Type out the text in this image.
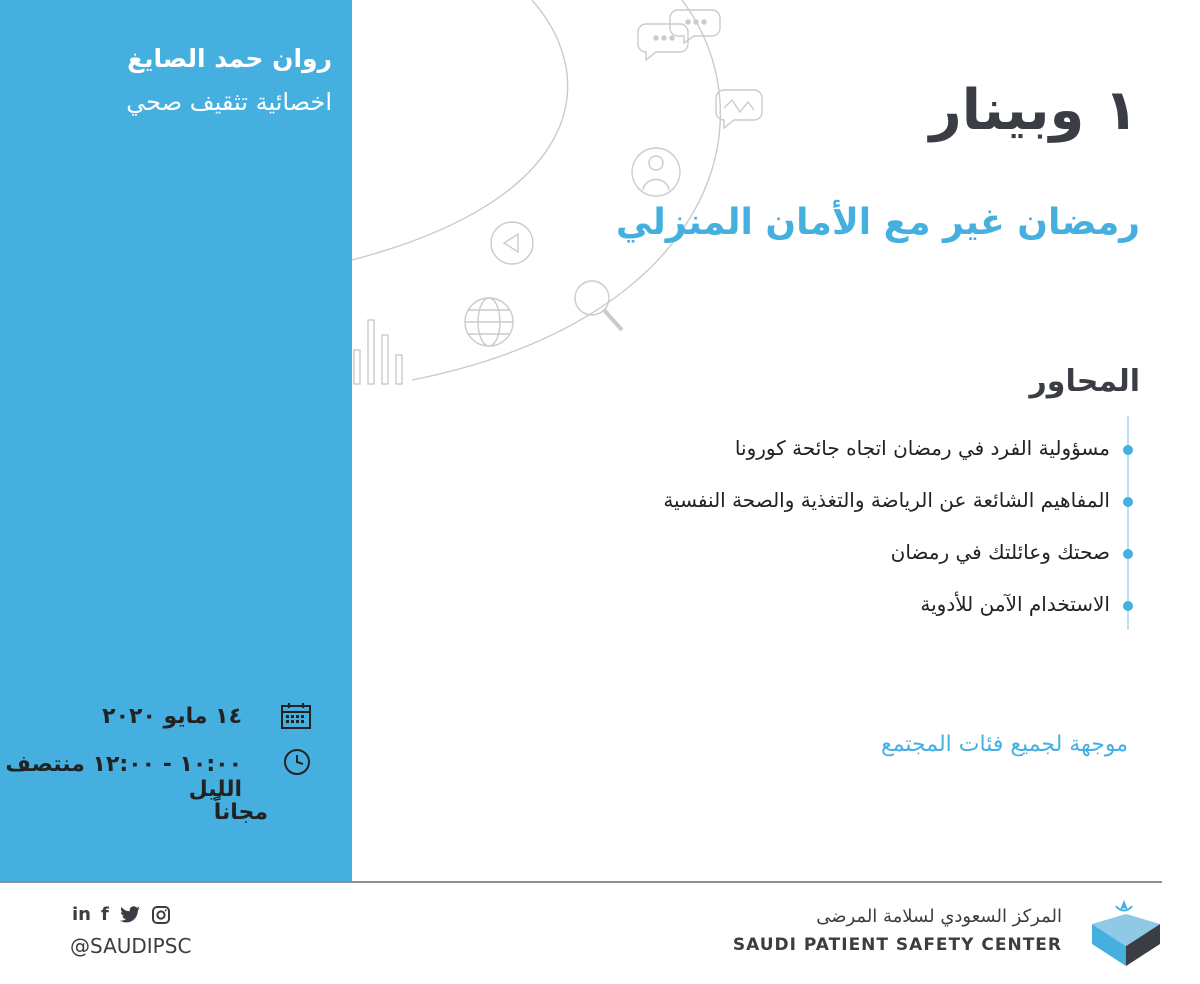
روان حمد الصايغ
اخصائية تثقيف صحي
١٤ مايو ٢٠٢٠
١٠:٠٠ - ١٢:٠٠ منتصف الليل
مجاناً
١ وبينار
رمضان غير مع الأمان المنزلي
المحاور
مسؤولية الفرد في رمضان اتجاه جائحة كورونا
المفاهيم الشائعة عن الرياضة والتغذية والصحة النفسية
صحتك وعائلتك في رمضان
الاستخدام الآمن للأدوية
موجهة لجميع فئات المجتمع
in f
@SAUDIPSC
المركز السعودي لسلامة المرضى
SAUDI PATIENT SAFETY CENTER
